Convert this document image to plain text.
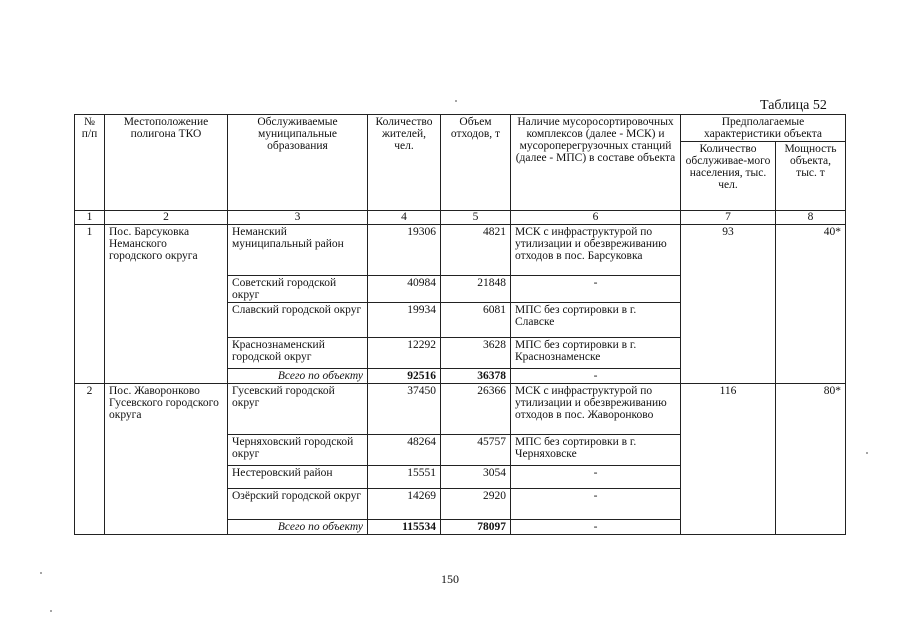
Таблица 52
№ п/п	Местоположение полигона ТКО	Обслуживаемые муниципальные образования	Количество жителей, чел.	Объем отходов, т	Наличие мусоросортировочных комплексов (далее - МСК) и мусороперегрузочных станций (далее - МПС) в составе объекта	Предполагаемые характеристики объекта	
						Количество обслуживае-мого населения, тыс. чел.	Мощность объекта, тыс. т
1	2	3	4	5	6	7	8
1	Пос. Барсуковка Неманского городского округа	Неманский муниципальный район	19306	4821	МСК с инфраструктурой по утилизации и обезвреживанию отходов в пос. Барсуковка	93	40*
		Советский городской округ	40984	21848	-		
		Славский городской округ	19934	6081	МПС без сортировки в г. Славске		
		Краснознаменский городской округ	12292	3628	МПС без сортировки в г. Краснознаменске		
		Всего по объекту	92516	36378	-		
2	Пос. Жаворонково Гусевского городского округа	Гусевский городской округ	37450	26366	МСК с инфраструктурой по утилизации и обезвреживанию отходов в пос. Жаворонково	116	80*
		Черняховский городской округ	48264	45757	МПС без сортировки в г. Черняховске		
		Нестеровский район	15551	3054	-		
		Озёрский городской округ	14269	2920	-		
		Всего по объекту	115534	78097	-		
150
